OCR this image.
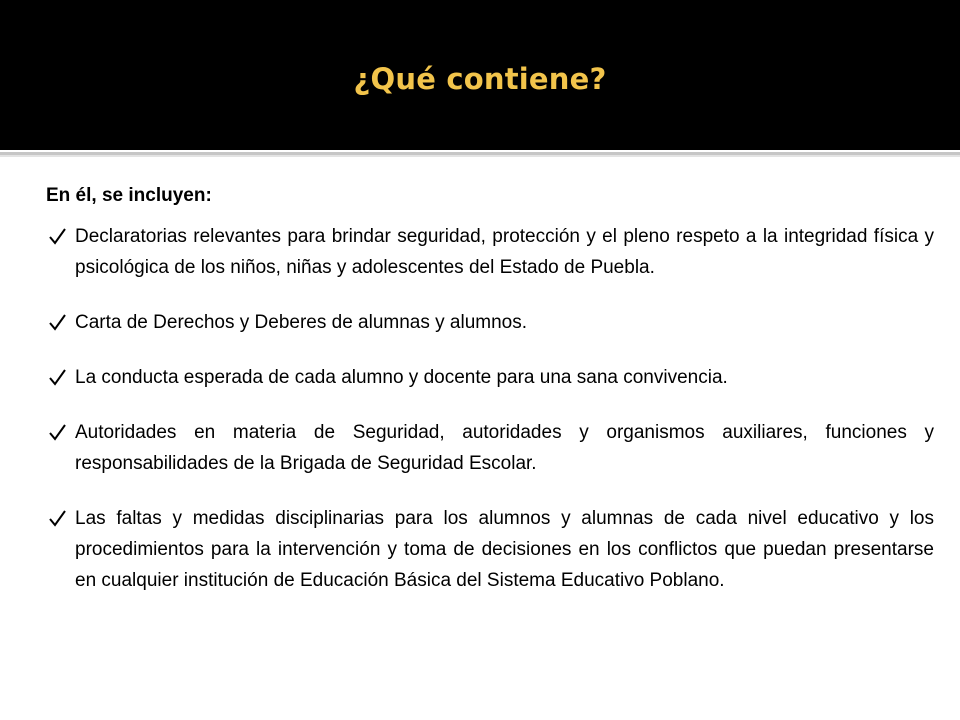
¿Qué contiene?

En él, se incluyen:

Declaratorias relevantes para brindar seguridad, protección y el pleno respeto a la integridad física y psicológica de los niños, niñas y adolescentes del Estado de Puebla.
Carta de Derechos y Deberes de alumnas y alumnos.
La conducta esperada de cada alumno y docente para una sana convivencia.
Autoridades en materia de Seguridad, autoridades y organismos auxiliares, funciones y responsabilidades de la Brigada de Seguridad Escolar.
Las faltas y medidas disciplinarias para los alumnos y alumnas de cada nivel educativo y los procedimientos para la intervención y toma de decisiones en los conflictos que puedan presentarse en cualquier institución de Educación Básica del Sistema Educativo Poblano.
